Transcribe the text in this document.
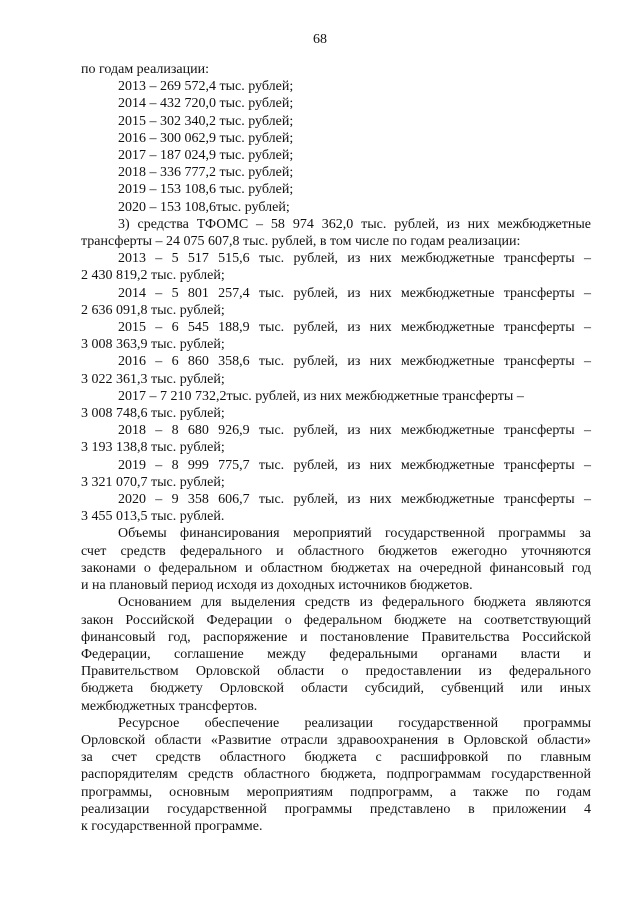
68
по годам реализации:
2013 – 269 572,4 тыс. рублей;
2014 – 432 720,0 тыс. рублей;
2015 – 302 340,2 тыс. рублей;
2016 – 300 062,9 тыс. рублей;
2017 – 187 024,9 тыс. рублей;
2018 – 336 777,2 тыс. рублей;
2019 – 153 108,6 тыс. рублей;
2020 – 153 108,6тыс. рублей;
3) средства ТФОМС – 58 974 362,0 тыс. рублей, из них межбюджетные
трансферты – 24 075 607,8 тыс. рублей, в том числе по годам реализации:
2013 – 5 517 515,6 тыс. рублей, из них межбюджетные трансферты –
2 430 819,2 тыс. рублей;
2014 – 5 801 257,4 тыс. рублей, из них межбюджетные трансферты –
2 636 091,8 тыс. рублей;
2015 – 6 545 188,9 тыс. рублей, из них межбюджетные трансферты –
3 008 363,9 тыс. рублей;
2016 – 6 860 358,6 тыс. рублей, из них межбюджетные трансферты –
3 022 361,3 тыс. рублей;
2017 – 7 210 732,2тыс. рублей, из них межбюджетные трансферты –
3 008 748,6 тыс. рублей;
2018 – 8 680 926,9 тыс. рублей, из них межбюджетные трансферты –
3 193 138,8 тыс. рублей;
2019 – 8 999 775,7 тыс. рублей, из них межбюджетные трансферты –
3 321 070,7 тыс. рублей;
2020 – 9 358 606,7 тыс. рублей, из них межбюджетные трансферты –
3 455 013,5 тыс. рублей.
Объемы финансирования мероприятий государственной программы за
счет средств федерального и областного бюджетов ежегодно уточняются
законами о федеральном и областном бюджетах на очередной финансовый год
и на плановый период исходя из доходных источников бюджетов.
Основанием для выделения средств из федерального бюджета являются
закон Российской Федерации о федеральном бюджете на соответствующий
финансовый год, распоряжение и постановление Правительства Российской
Федерации, соглашение между федеральными органами власти и
Правительством Орловской области о предоставлении из федерального
бюджета бюджету Орловской области субсидий, субвенций или иных
межбюджетных трансфертов.
Ресурсное обеспечение реализации государственной программы
Орловской области «Развитие отрасли здравоохранения в Орловской области»
за счет средств областного бюджета с расшифровкой по главным
распорядителям средств областного бюджета, подпрограммам государственной
программы, основным мероприятиям подпрограмм, а также по годам
реализации государственной программы представлено в приложении 4
к государственной программе.
